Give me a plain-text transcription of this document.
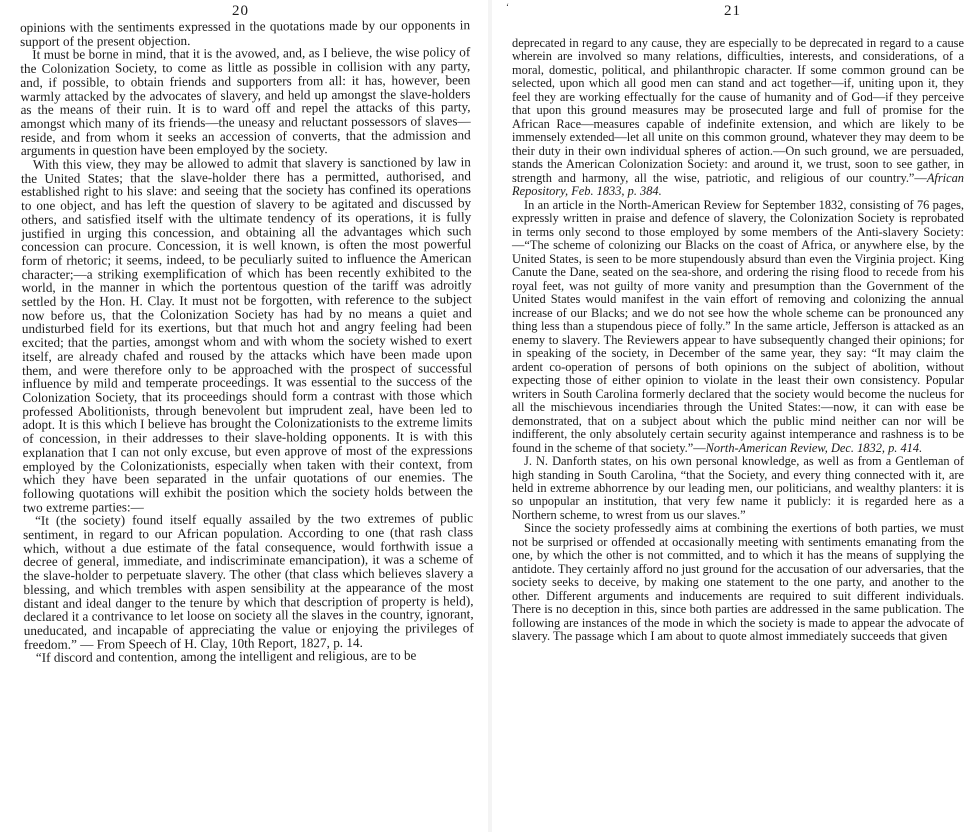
20

opinions with the sentiments expressed in the quotations made by our opponents in support of the present objection.

It must be borne in mind, that it is the avowed, and, as I believe, the wise policy of the Colonization Society, to come as little as possible in collision with any party, and, if possible, to obtain friends and supporters from all: it has, however, been warmly attacked by the advocates of slavery, and held up amongst the slave-holders as the means of their ruin. It is to ward off and repel the attacks of this party, amongst which many of its friends—the uneasy and reluctant possessors of slaves—reside, and from whom it seeks an accession of converts, that the admission and arguments in question have been employed by the society.

With this view, they may be allowed to admit that slavery is sanctioned by law in the United States; that the slave-holder there has a permitted, authorised, and established right to his slave: and seeing that the society has confined its operations to one object, and has left the question of slavery to be agitated and discussed by others, and satisfied itself with the ultimate tendency of its operations, it is fully justified in urging this concession, and obtaining all the advantages which such concession can procure. Concession, it is well known, is often the most powerful form of rhetoric; it seems, indeed, to be peculiarly suited to influence the American character;—a striking exemplification of which has been recently exhibited to the world, in the manner in which the portentous question of the tariff was adroitly settled by the Hon. H. Clay. It must not be forgotten, with reference to the subject now before us, that the Colonization Society has had by no means a quiet and undisturbed field for its exertions, but that much hot and angry feeling had been excited; that the parties, amongst whom and with whom the society wished to exert itself, are already chafed and roused by the attacks which have been made upon them, and were therefore only to be approached with the prospect of successful influence by mild and temperate proceedings. It was essential to the success of the Colonization Society, that its proceedings should form a contrast with those which professed Abolitionists, through benevolent but imprudent zeal, have been led to adopt. It is this which I believe has brought the Colonizationists to the extreme limits of concession, in their addresses to their slave-holding opponents. It is with this explanation that I can not only excuse, but even approve of most of the expressions employed by the Colonizationists, especially when taken with their context, from which they have been separated in the unfair quotations of our enemies. The following quotations will exhibit the position which the society holds between the two extreme parties:—

“It (the society) found itself equally assailed by the two extremes of public sentiment, in regard to our African population. According to one (that rash class which, without a due estimate of the fatal consequence, would forthwith issue a decree of general, immediate, and indiscriminate emancipation), it was a scheme of the slave-holder to perpetuate slavery. The other (that class which believes slavery a blessing, and which trembles with aspen sensibility at the appearance of the most distant and ideal danger to the tenure by which that description of property is held), declared it a contrivance to let loose on society all the slaves in the country, ignorant, uneducated, and incapable of appreciating the value or enjoying the privileges of freedom.” — From Speech of H. Clay, 10th Report, 1827, p. 14.

“If discord and contention, among the intelligent and religious, are to be

‘	21

deprecated in regard to any cause, they are especially to be deprecated in regard to a cause wherein are involved so many relations, difficulties, interests, and considerations, of a moral, domestic, political, and philanthropic character. If some common ground can be selected, upon which all good men can stand and act together—if, uniting upon it, they feel they are working effectually for the cause of humanity and of God—if they perceive that upon this ground measures may be prosecuted large and full of promise for the African Race—measures capable of indefinite extension, and which are likely to be immensely extended—let all unite on this common ground, whatever they may deem to be their duty in their own individual spheres of action.—On such ground, we are persuaded, stands the American Colonization Society: and around it, we trust, soon to see gather, in strength and harmony, all the wise, patriotic, and religious of our country.”—African Repository, Feb. 1833, p. 384.

In an article in the North-American Review for September 1832, consisting of 76 pages, expressly written in praise and defence of slavery, the Colonization Society is reprobated in terms only second to those employed by some members of the Anti-slavery Society:—“The scheme of colonizing our Blacks on the coast of Africa, or anywhere else, by the United States, is seen to be more stupendously absurd than even the Virginia project. King Canute the Dane, seated on the sea-shore, and ordering the rising flood to recede from his royal feet, was not guilty of more vanity and presumption than the Government of the United States would manifest in the vain effort of removing and colonizing the annual increase of our Blacks; and we do not see how the whole scheme can be pronounced any thing less than a stupendous piece of folly.” In the same article, Jefferson is attacked as an enemy to slavery. The Reviewers appear to have subsequently changed their opinions; for in speaking of the society, in December of the same year, they say: “It may claim the ardent co-operation of persons of both opinions on the subject of abolition, without expecting those of either opinion to violate in the least their own consistency. Popular writers in South Carolina formerly declared that the society would become the nucleus for all the mischievous incendiaries through the United States:—now, it can with ease be demonstrated, that on a subject about which the public mind neither can nor will be indifferent, the only absolutely certain security against intemperance and rashness is to be found in the scheme of that society.”—North-American Review, Dec. 1832, p. 414.

J. N. Danforth states, on his own personal knowledge, as well as from a Gentleman of high standing in South Carolina, “that the Society, and every thing connected with it, are held in extreme abhorrence by our leading men, our politicians, and wealthy planters: it is so unpopular an institution, that very few name it publicly: it is regarded here as a Northern scheme, to wrest from us our slaves.”

Since the society professedly aims at combining the exertions of both parties, we must not be surprised or offended at occasionally meeting with sentiments emanating from the one, by which the other is not committed, and to which it has the means of supplying the antidote. They certainly afford no just ground for the accusation of our adversaries, that the society seeks to deceive, by making one statement to the one party, and another to the other. Different arguments and inducements are required to suit different individuals. There is no deception in this, since both parties are addressed in the same publication. The following are instances of the mode in which the society is made to appear the advocate of slavery. The passage which I am about to quote almost immediately succeeds that given
